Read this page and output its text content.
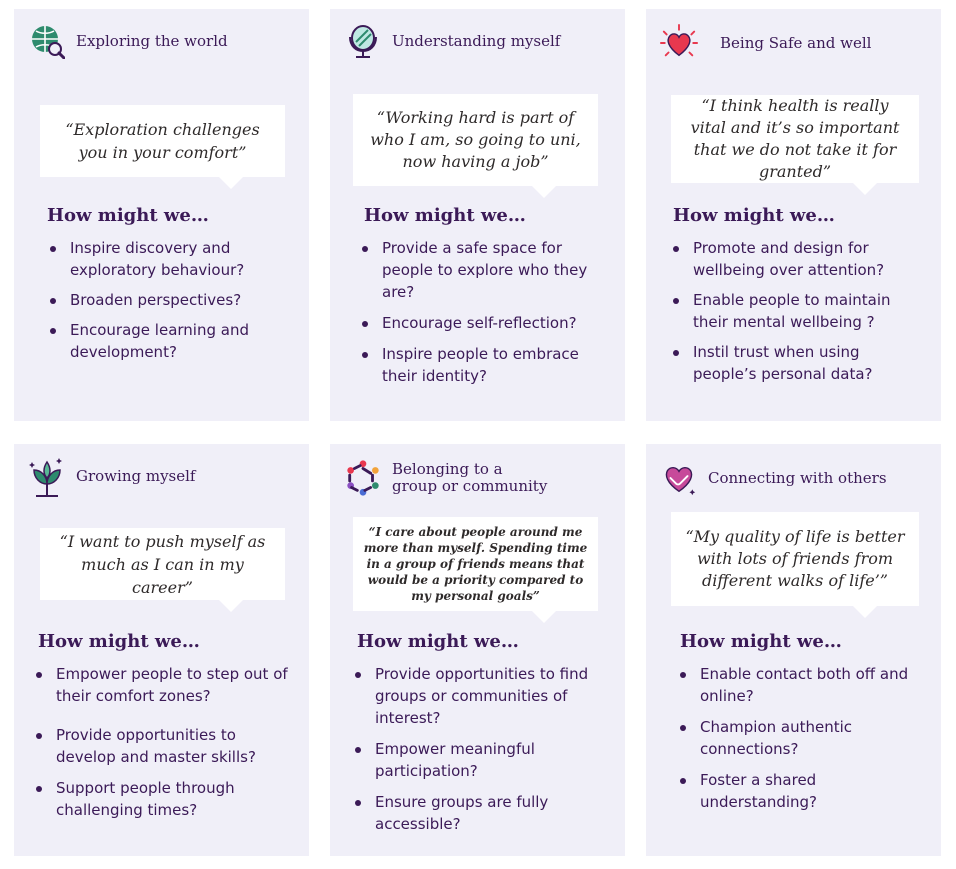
Exploring the world
“Exploration challenges you in your comfort”
How might we…
Inspire discovery and exploratory behaviour?
Broaden perspectives?
Encourage learning and development?
Understanding myself
“Working hard is part of who I am, so going to uni, now having a job”
How might we…
Provide a safe space for people to explore who they are?
Encourage self-reflection?
Inspire people to embrace their identity?
Being Safe and well
“I think health is really vital and it’s so important that we do not take it for granted”
How might we…
Promote and design for wellbeing over attention?
Enable people to maintain their mental wellbeing ?
Instil trust when using people’s personal data?
Growing myself
“I want to push myself as much as I can in my career”
How might we…
Empower people to step out of their comfort zones?
Provide opportunities to develop and master skills?
Support people through challenging times?
Belonging to a group or community
“I care about people around me more than myself. Spending time in a group of friends means that would be a priority compared to my personal goals”
How might we…
Provide opportunities to find groups or communities of interest?
Empower meaningful participation?
Ensure groups are fully accessible?
Connecting with others
“My quality of life is better with lots of friends from different walks of life’”
How might we…
Enable contact both off and online?
Champion authentic connections?
Foster a shared understanding?
